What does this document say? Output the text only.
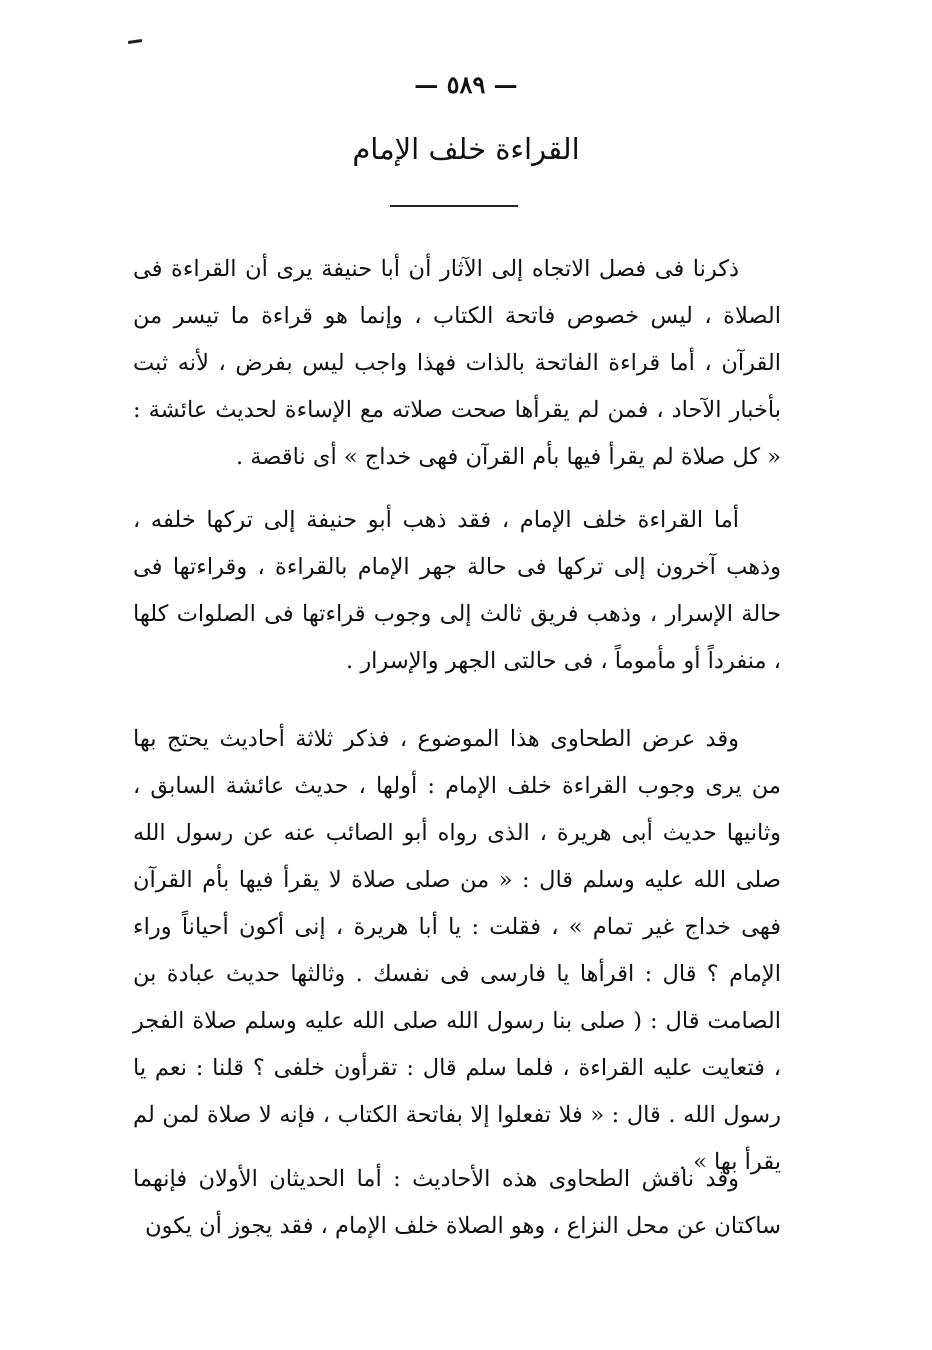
— ٥٨٩ —
القراءة خلف الإمام

ذكرنا فى فصل الاتجاه إلى الآثار أن أبا حنيفة يرى أن القراءة فى الصلاة ، ليس خصوص فاتحة الكتاب ، وإنما هو قراءة ما تيسر من القرآن ، أما قراءة الفاتحة بالذات فهذا واجب ليس بفرض ، لأنه ثبت بأخبار الآحاد ، فمن لم يقرأها صحت صلاته مع الإساءة لحديث عائشة : « كل صلاة لم يقرأ فيها بأم القرآن فهى خداج » أى ناقصة .

أما القراءة خلف الإمام ، فقد ذهب أبو حنيفة إلى تركها خلفه ، وذهب آخرون إلى تركها فى حالة جهر الإمام بالقراءة ، وقراءتها فى حالة الإسرار ، وذهب فريق ثالث إلى وجوب قراءتها فى الصلوات كلها ، منفرداً أو مأموماً ، فى حالتى الجهر والإسرار .

وقد عرض الطحاوى هذا الموضوع ، فذكر ثلاثة أحاديث يحتج بها من يرى وجوب القراءة خلف الإمام : أولها ، حديث عائشة السابق ، وثانيها حديث أبى هريرة ، الذى رواه أبو الصائب عنه عن رسول الله صلى الله عليه وسلم قال : « من صلى صلاة لا يقرأ فيها بأم القرآن فهى خداج غير تمام » ، فقلت : يا أبا هريرة ، إنى أكون أحياناً وراء الإمام ؟ قال : اقرأها يا فارسى فى نفسك . وثالثها حديث عبادة بن الصامت قال : ( صلى بنا رسول الله صلى الله عليه وسلم صلاة الفجر ، فتعايت عليه القراءة ، فلما سلم قال : تقرأون خلفى ؟ قلنا : نعم يا رسول الله . قال : « فلا تفعلوا إلا بفاتحة الكتاب ، فإنه لا صلاة لمن لم يقرأ بها » .

وقد ناقش الطحاوى هذه الأحاديث : أما الحديثان الأولان فإنهما ساكتان عن محل النزاع ، وهو الصلاة خلف الإمام ، فقد يجوز أن يكون
